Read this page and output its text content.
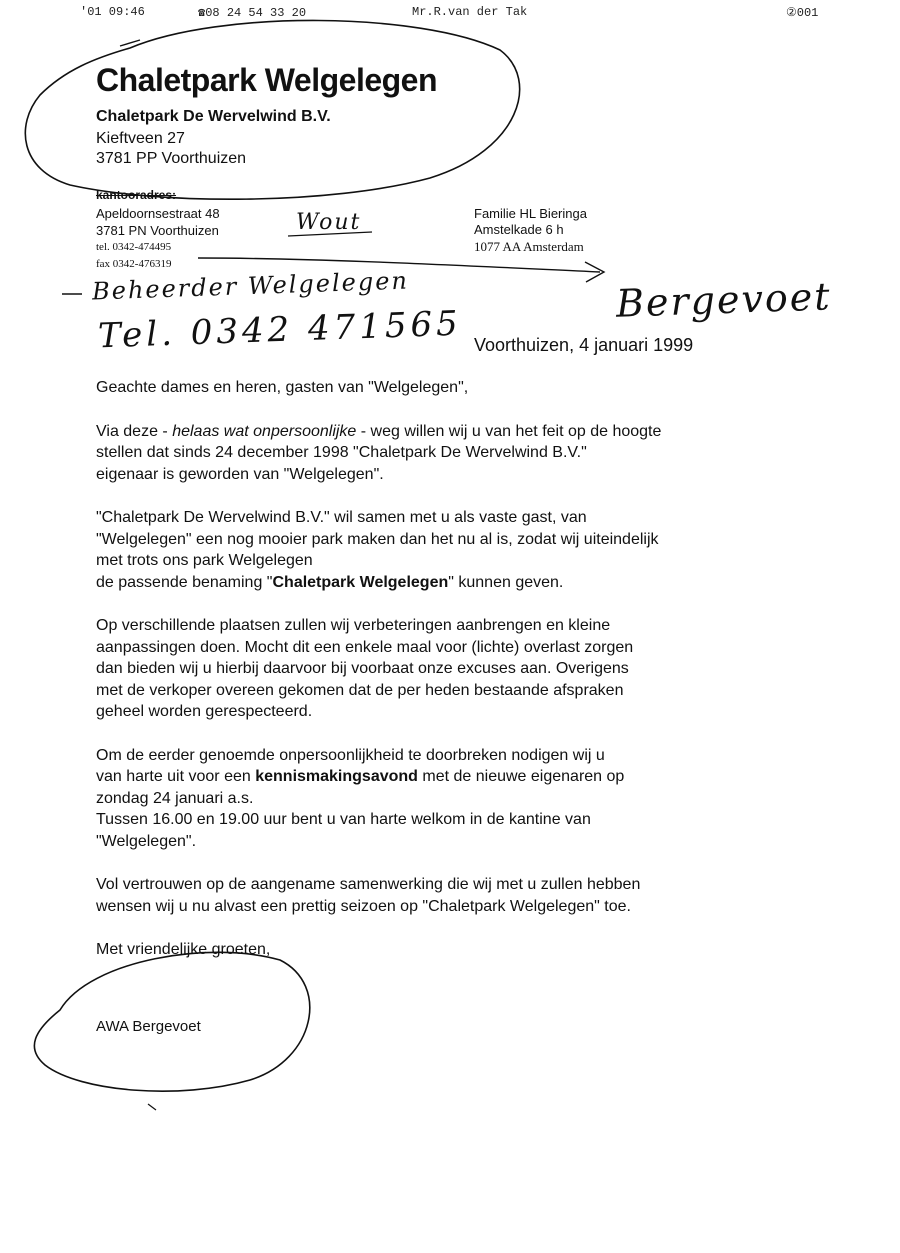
'01 09:46	☎08 24 54 33 20	Mr.R.van der Tak	②001
Chaletpark Welgelegen
Chaletpark De Wervelwind B.V.
Kieftveen 27
3781 PP Voorthuizen
kantooradres:
Apeldoornsestraat 48
3781 PN Voorthuizen
tel. 0342-474495
fax 0342-476319
Familie HL Bieringa
Amstelkade 6 h
1077 AA Amsterdam
Wout
Beheerder Welgelegen	Bergevoet
Tel. 0342 471565 Voorthuizen, 4 januari 1999

Geachte dames en heren, gasten van "Welgelegen",

Via deze - helaas wat onpersoonlijke - weg willen wij u van het feit op de hoogte
stellen dat sinds 24 december 1998 "Chaletpark De Wervelwind B.V."
eigenaar is geworden van "Welgelegen".

"Chaletpark De Wervelwind B.V." wil samen met u als vaste gast, van
"Welgelegen" een nog mooier park maken dan het nu al is, zodat wij uiteindelijk
met trots ons park Welgelegen
de passende benaming "Chaletpark Welgelegen" kunnen geven.

Op verschillende plaatsen zullen wij verbeteringen aanbrengen en kleine
aanpassingen doen. Mocht dit een enkele maal voor (lichte) overlast zorgen
dan bieden wij u hierbij daarvoor bij voorbaat onze excuses aan. Overigens
met de verkoper overeen gekomen dat de per heden bestaande afspraken
geheel worden gerespecteerd.

Om de eerder genoemde onpersoonlijkheid te doorbreken nodigen wij u
van harte uit voor een kennismakingsavond met de nieuwe eigenaren op
zondag 24 januari a.s.
Tussen 16.00 en 19.00 uur bent u van harte welkom in de kantine van
"Welgelegen".

Vol vertrouwen op de aangename samenwerking die wij met u zullen hebben
wensen wij u nu alvast een prettig seizoen op "Chaletpark Welgelegen" toe.

Met vriendelijke groeten,

AWA Bergevoet
